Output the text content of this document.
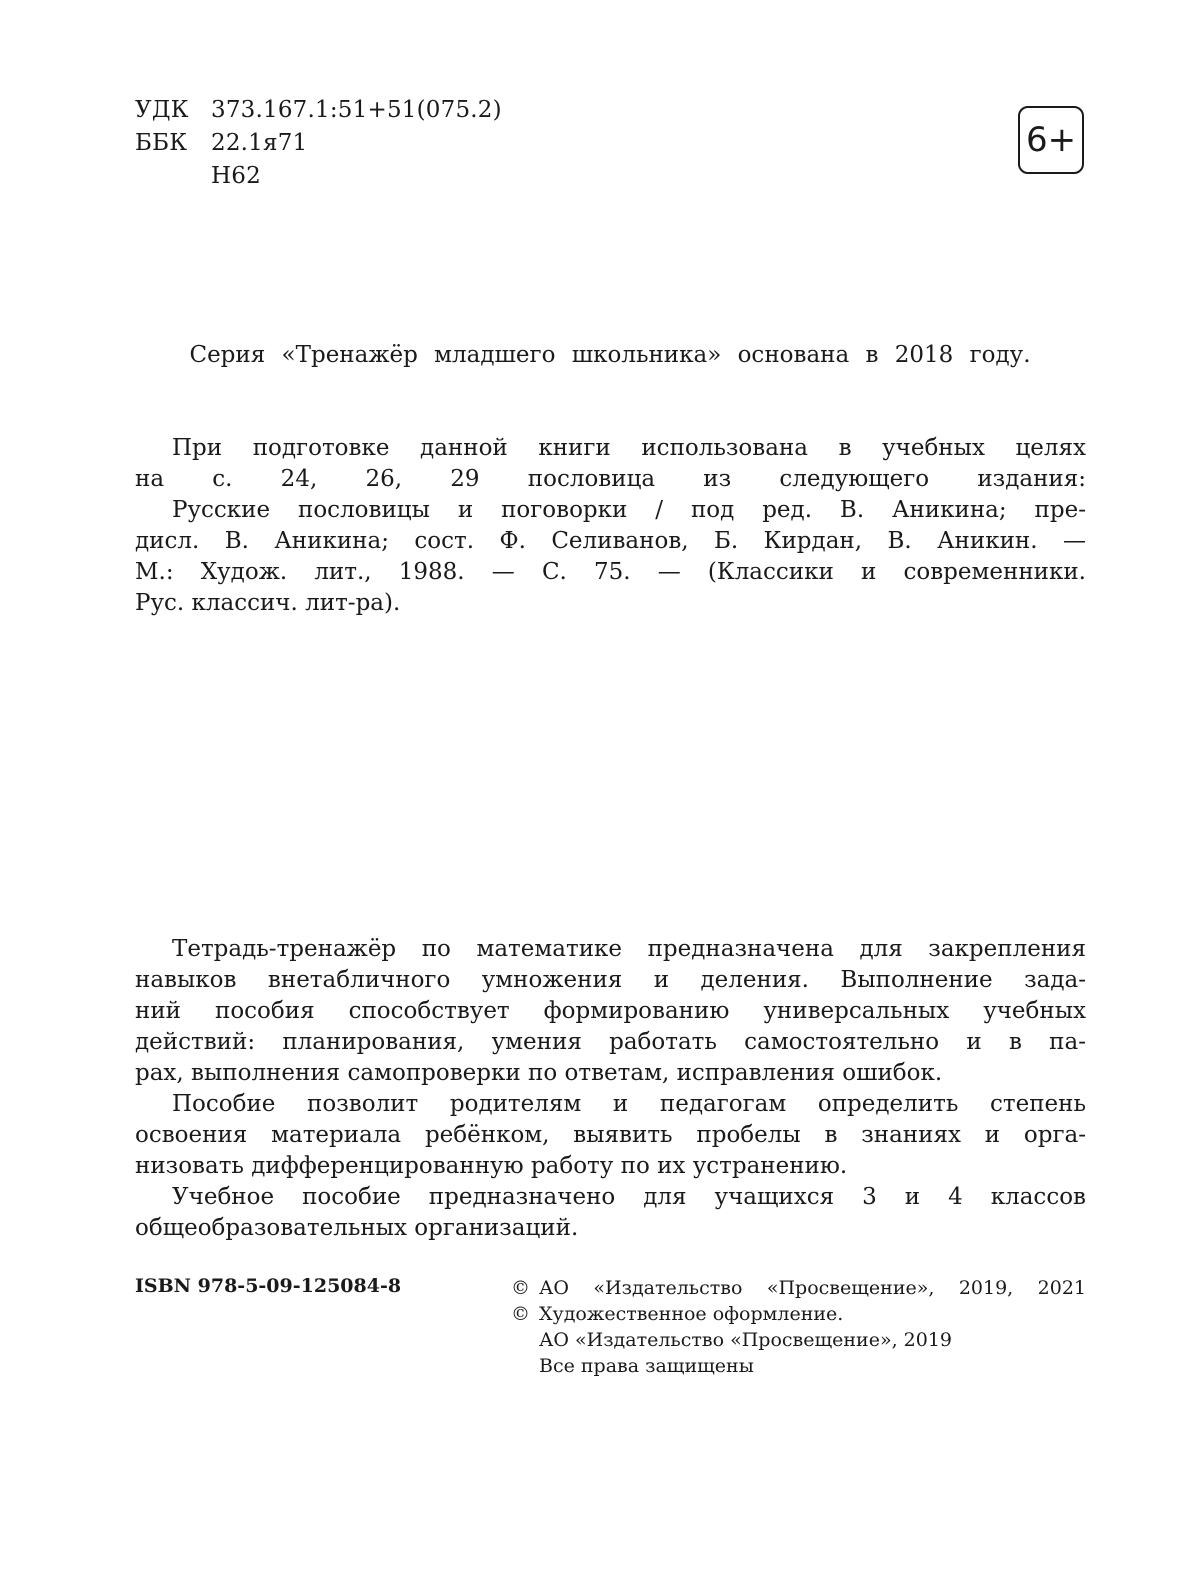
УДК 373.167.1:51+51(075.2)
ББК	22.1я71
Н62
6+
Серия «Тренажёр младшего школьника» основана в 2018 году.
При подготовке данной книги использована в учебных целях
на с. 24, 26, 29 пословица из следующего издания:
Русские пословицы и поговорки / под ред. В. Аникина; пре-
дисл. В. Аникина; сост. Ф. Селиванов, Б. Кирдан, В. Аникин. —
М.: Худож. лит., 1988. — С. 75. — (Классики и современники.
Рус. классич. лит-ра).
Тетрадь-тренажёр по математике предназначена для закрепления
навыков внетабличного умножения и деления. Выполнение зада-
ний пособия способствует формированию универсальных учебных
действий: планирования, умения работать самостоятельно и в па-
рах, выполнения самопроверки по ответам, исправления ошибок.
Пособие позволит родителям и педагогам определить степень
освоения материала ребёнком, выявить пробелы в знаниях и орга-
низовать дифференцированную работу по их устранению.
Учебное пособие предназначено для учащихся 3 и 4 классов
общеобразовательных организаций.
ISBN 978-5-09-125084-8	© АО «Издательство «Просвещение», 2019, 2021
© Художественное оформление.
АО «Издательство «Просвещение», 2019
Все права защищены
